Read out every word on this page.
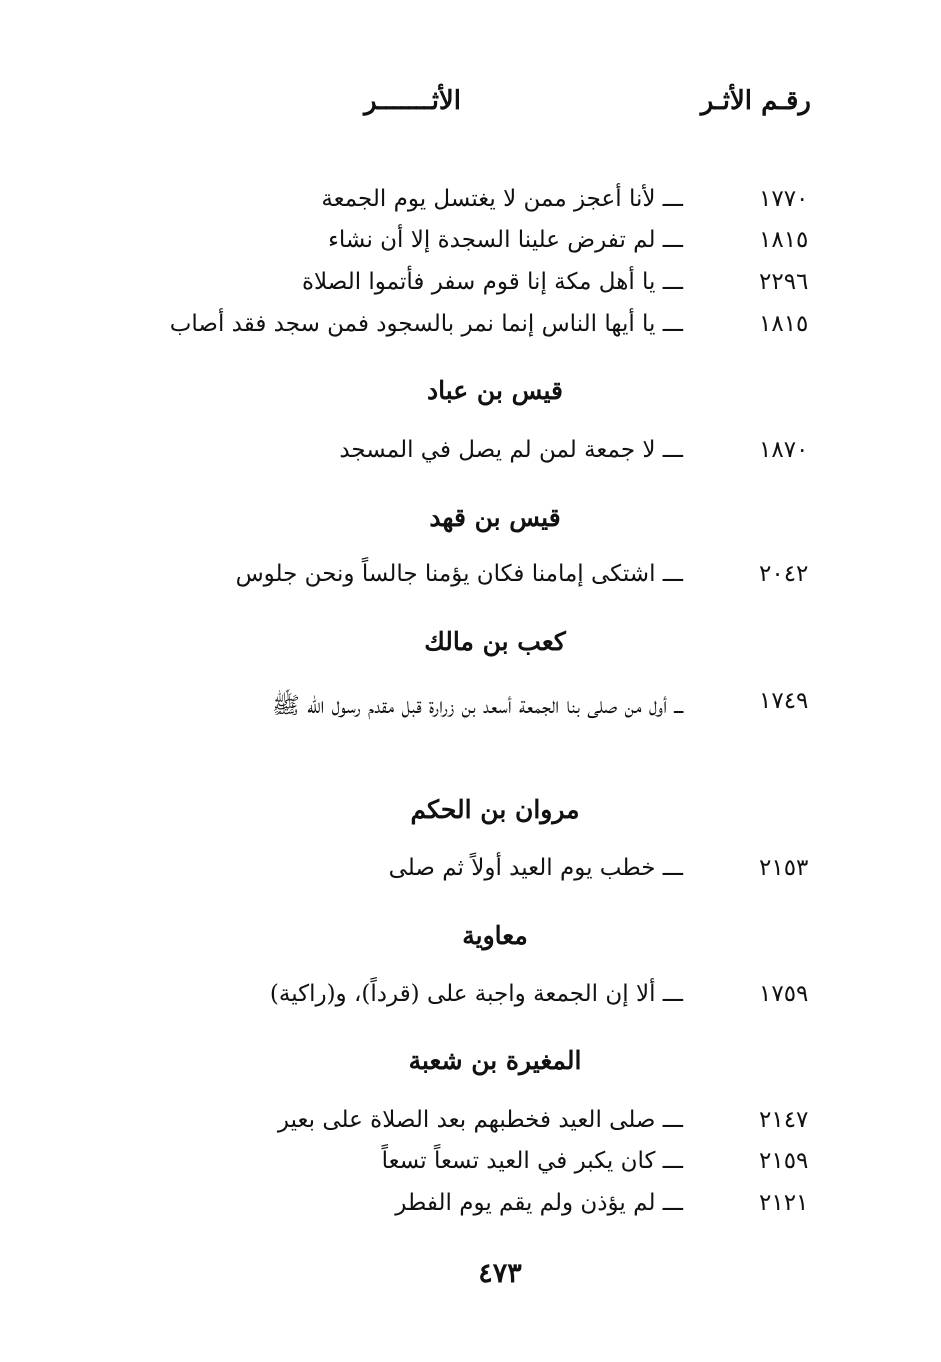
رقـم الأثـر
الأثـــــــر
١٧٧٠
ـــ لأنا أعجز ممن لا يغتسل يوم الجمعة
١٨١٥
ـــ لم تفرض علينا السجدة إلا أن نشاء
٢٢٩٦
ـــ يا أهل مكة إنا قوم سفر فأتموا الصلاة
١٨١٥
ـــ يا أيها الناس إنما نمر بالسجود فمن سجد فقد أصاب
قيس بن عباد
١٨٧٠
ـــ لا جمعة لمن لم يصل في المسجد
قيس بن قهد
٢٠٤٢
ـــ اشتكى إمامنا فكان يؤمنا جالساً ونحن جلوس
كعب بن مالك
١٧٤٩
ـــ أول من صلى بنا الجمعة أسعد بن زرارة قبل مقدم رسول الله ﷺ
مروان بن الحكم
٢١٥٣
ـــ خطب يوم العيد أولاً ثم صلى
معاوية
١٧٥٩
ـــ ألا إن الجمعة واجبة على (قرداً)، و(راكية)
المغيرة بن شعبة
٢١٤٧
ـــ صلى العيد فخطبهم بعد الصلاة على بعير
٢١٥٩
ـــ كان يكبر في العيد تسعاً تسعاً
٢١٢١
ـــ لم يؤذن ولم يقم يوم الفطر
٤٧٣
